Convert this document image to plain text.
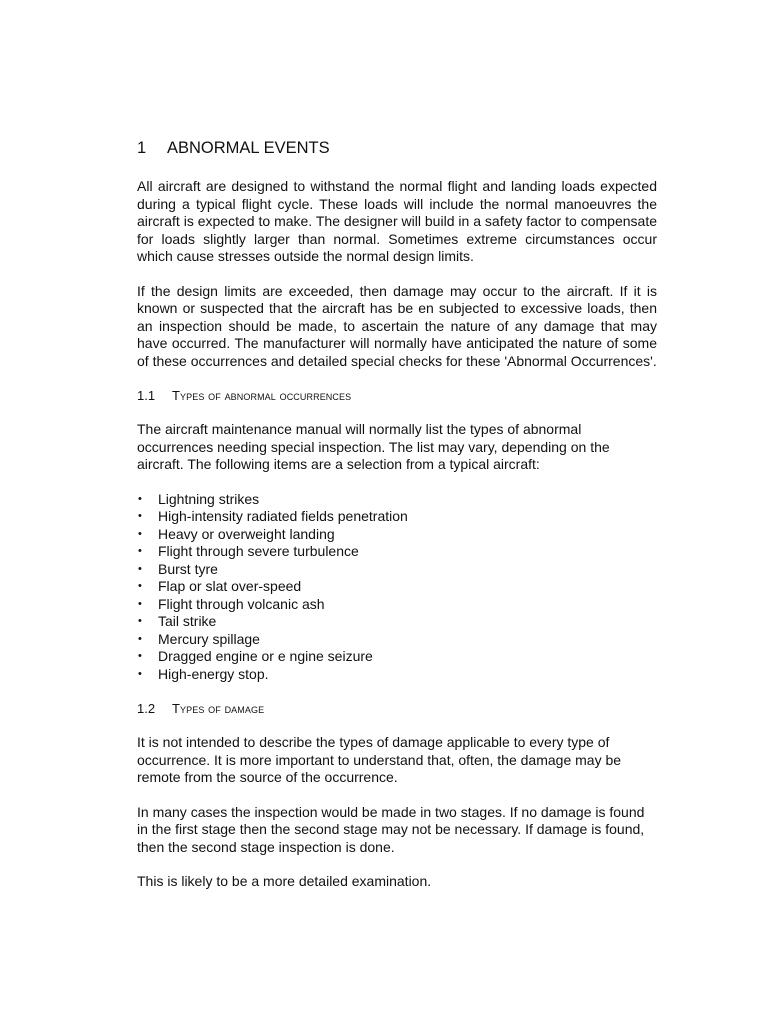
1 ABNORMAL EVENTS

All aircraft are designed to withstand the normal flight and landing loads expected during a typical flight cycle. These loads will include the normal manoeuvres the aircraft is expected to make. The designer will build in a safety factor to compensate for loads slightly larger than normal. Sometimes extreme circumstances occur which cause stresses outside the normal design limits.

If the design limits are exceeded, then damage may occur to the aircraft. If it is known or suspected that the aircraft has be en subjected to excessive loads, then an inspection should be made, to ascertain the nature of any damage that may have occurred. The manufacturer will normally have anticipated the nature of some of these occurrences and detailed special checks for these 'Abnormal Occurrences'.

1.1 Types of abnormal occurrences

The aircraft maintenance manual will normally list the types of abnormal occurrences needing special inspection. The list may vary, depending on the aircraft. The following items are a selection from a typical aircraft:

• Lightning strikes
• High-intensity radiated fields penetration
• Heavy or overweight landing
• Flight through severe turbulence
• Burst tyre
• Flap or slat over-speed
• Flight through volcanic ash
• Tail strike
• Mercury spillage
• Dragged engine or e ngine seizure
• High-energy stop.
1.2 Types of damage

It is not intended to describe the types of damage applicable to every type of occurrence. It is more important to understand that, often, the damage may be remote from the source of the occurrence.

In many cases the inspection would be made in two stages. If no damage is found in the first stage then the second stage may not be necessary. If damage is found, then the second stage inspection is done.

This is likely to be a more detailed examination.
